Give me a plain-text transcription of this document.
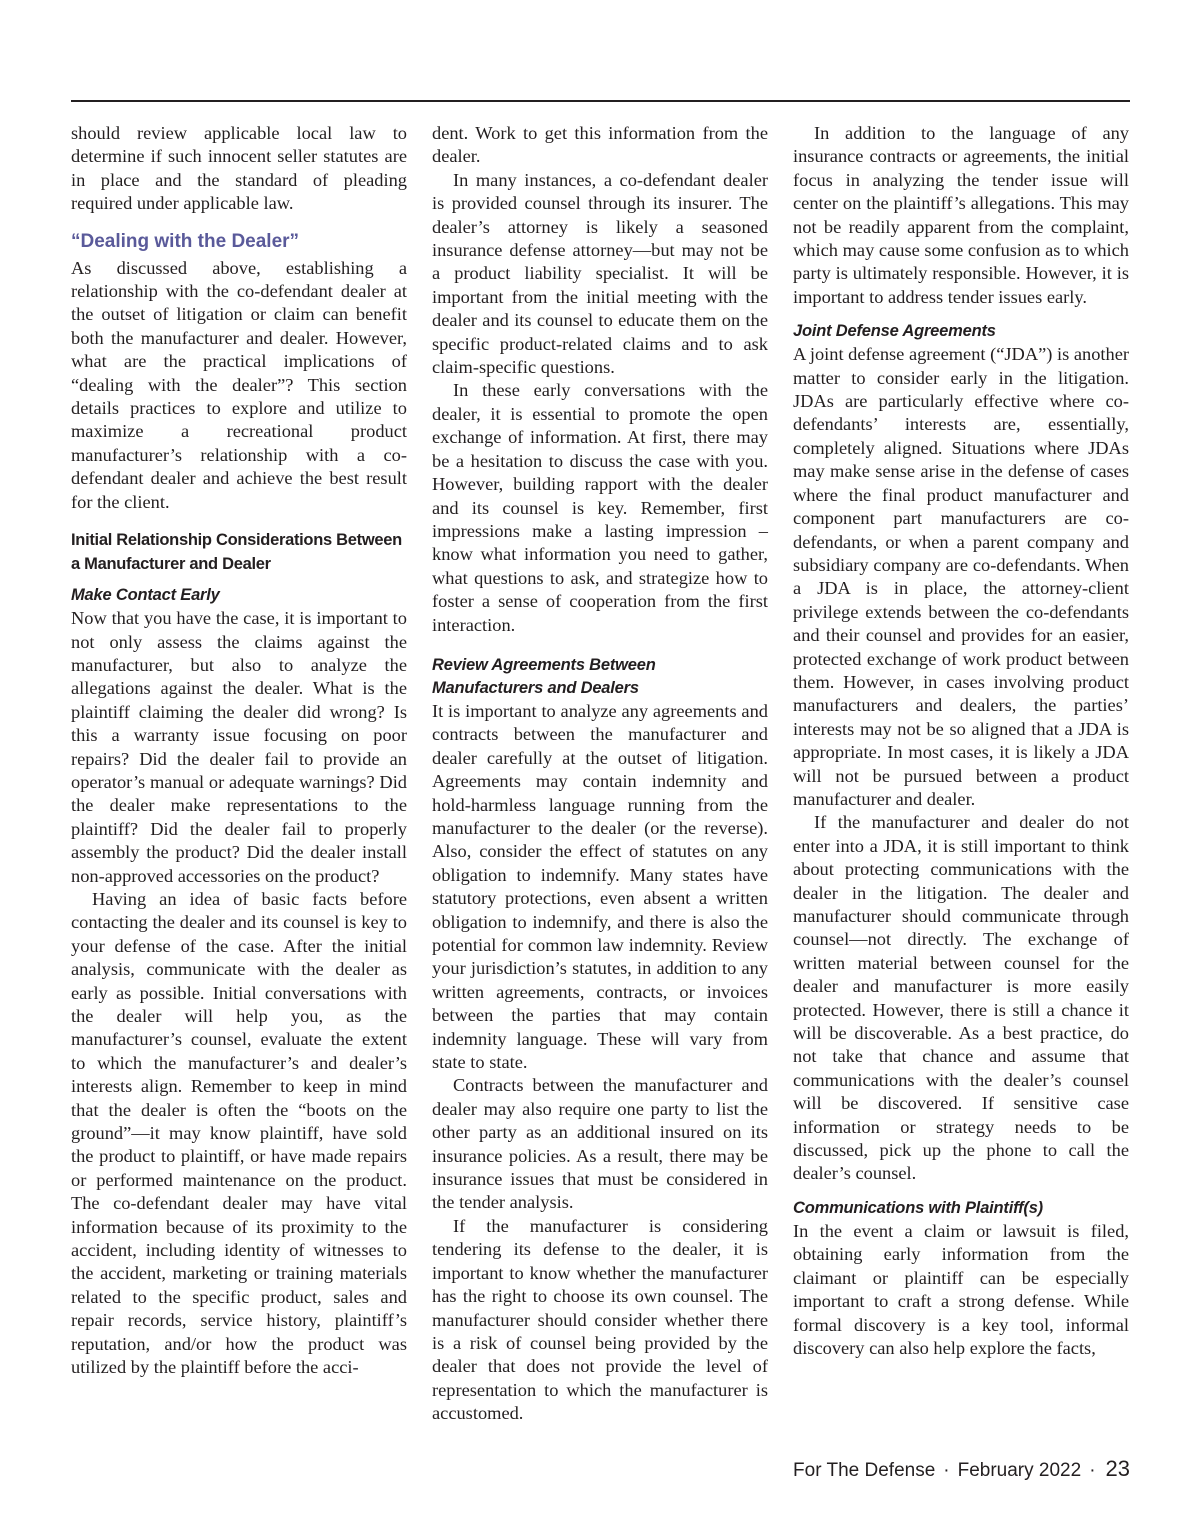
should review applicable local law to determine if such innocent seller statutes are in place and the standard of pleading required under applicable law.

“Dealing with the Dealer”

As discussed above, establishing a relationship with the co-defendant dealer at the outset of litigation or claim can benefit both the manufacturer and dealer. However, what are the practical implications of “dealing with the dealer”? This section details practices to explore and utilize to maximize a recreational product manufacturer’s relationship with a co-defendant dealer and achieve the best result for the client.

Initial Relationship Considerations Between a Manufacturer and Dealer
Make Contact Early

Now that you have the case, it is important to not only assess the claims against the manufacturer, but also to analyze the allegations against the dealer. What is the plaintiff claiming the dealer did wrong? Is this a warranty issue focusing on poor repairs? Did the dealer fail to provide an operator’s manual or adequate warnings? Did the dealer make representations to the plaintiff? Did the dealer fail to properly assembly the product? Did the dealer install non-approved accessories on the product?

Having an idea of basic facts before contacting the dealer and its counsel is key to your defense of the case. After the initial analysis, communicate with the dealer as early as possible. Initial conversations with the dealer will help you, as the manufacturer’s counsel, evaluate the extent to which the manufacturer’s and dealer’s interests align. Remember to keep in mind that the dealer is often the “boots on the ground”—it may know plaintiff, have sold the product to plaintiff, or have made repairs or performed maintenance on the product. The co-defendant dealer may have vital information because of its proximity to the accident, including identity of witnesses to the accident, marketing or training materials related to the specific product, sales and repair records, service history, plaintiff’s reputation, and/or how the product was utilized by the plaintiff before the acci-

dent. Work to get this information from the dealer.

In many instances, a co-defendant dealer is provided counsel through its insurer. The dealer’s attorney is likely a seasoned insurance defense attorney—but may not be a product liability specialist. It will be important from the initial meeting with the dealer and its counsel to educate them on the specific product-related claims and to ask claim-specific questions.

In these early conversations with the dealer, it is essential to promote the open exchange of information. At first, there may be a hesitation to discuss the case with you. However, building rapport with the dealer and its counsel is key. Remember, first impressions make a lasting impression – know what information you need to gather, what questions to ask, and strategize how to foster a sense of cooperation from the first interaction.

Review Agreements Between Manufacturers and Dealers

It is important to analyze any agreements and contracts between the manufacturer and dealer carefully at the outset of litigation. Agreements may contain indemnity and hold-harmless language running from the manufacturer to the dealer (or the reverse). Also, consider the effect of statutes on any obligation to indemnify. Many states have statutory protections, even absent a written obligation to indemnify, and there is also the potential for common law indemnity. Review your jurisdiction’s statutes, in addition to any written agreements, contracts, or invoices between the parties that may contain indemnity language. These will vary from state to state.

Contracts between the manufacturer and dealer may also require one party to list the other party as an additional insured on its insurance policies. As a result, there may be insurance issues that must be considered in the tender analysis.

If the manufacturer is considering tendering its defense to the dealer, it is important to know whether the manufacturer has the right to choose its own counsel. The manufacturer should consider whether there is a risk of counsel being provided by the dealer that does not provide the level of representation to which the manufacturer is accustomed.

In addition to the language of any insurance contracts or agreements, the initial focus in analyzing the tender issue will center on the plaintiff’s allegations. This may not be readily apparent from the complaint, which may cause some confusion as to which party is ultimately responsible. However, it is important to address tender issues early.

Joint Defense Agreements

A joint defense agreement (“JDA”) is another matter to consider early in the litigation. JDAs are particularly effective where co-defendants’ interests are, essentially, completely aligned. Situations where JDAs may make sense arise in the defense of cases where the final product manufacturer and component part manufacturers are co-defendants, or when a parent company and subsidiary company are co-defendants. When a JDA is in place, the attorney-client privilege extends between the co-defendants and their counsel and provides for an easier, protected exchange of work product between them. However, in cases involving product manufacturers and dealers, the parties’ interests may not be so aligned that a JDA is appropriate. In most cases, it is likely a JDA will not be pursued between a product manufacturer and dealer.

If the manufacturer and dealer do not enter into a JDA, it is still important to think about protecting communications with the dealer in the litigation. The dealer and manufacturer should communicate through counsel—not directly. The exchange of written material between counsel for the dealer and manufacturer is more easily protected. However, there is still a chance it will be discoverable. As a best practice, do not take that chance and assume that communications with the dealer’s counsel will be discovered. If sensitive case information or strategy needs to be discussed, pick up the phone to call the dealer’s counsel.

Communications with Plaintiff(s)

In the event a claim or lawsuit is filed, obtaining early information from the claimant or plaintiff can be especially important to craft a strong defense. While formal discovery is a key tool, informal discovery can also help explore the facts,

For The Defense · February 2022 · 23
